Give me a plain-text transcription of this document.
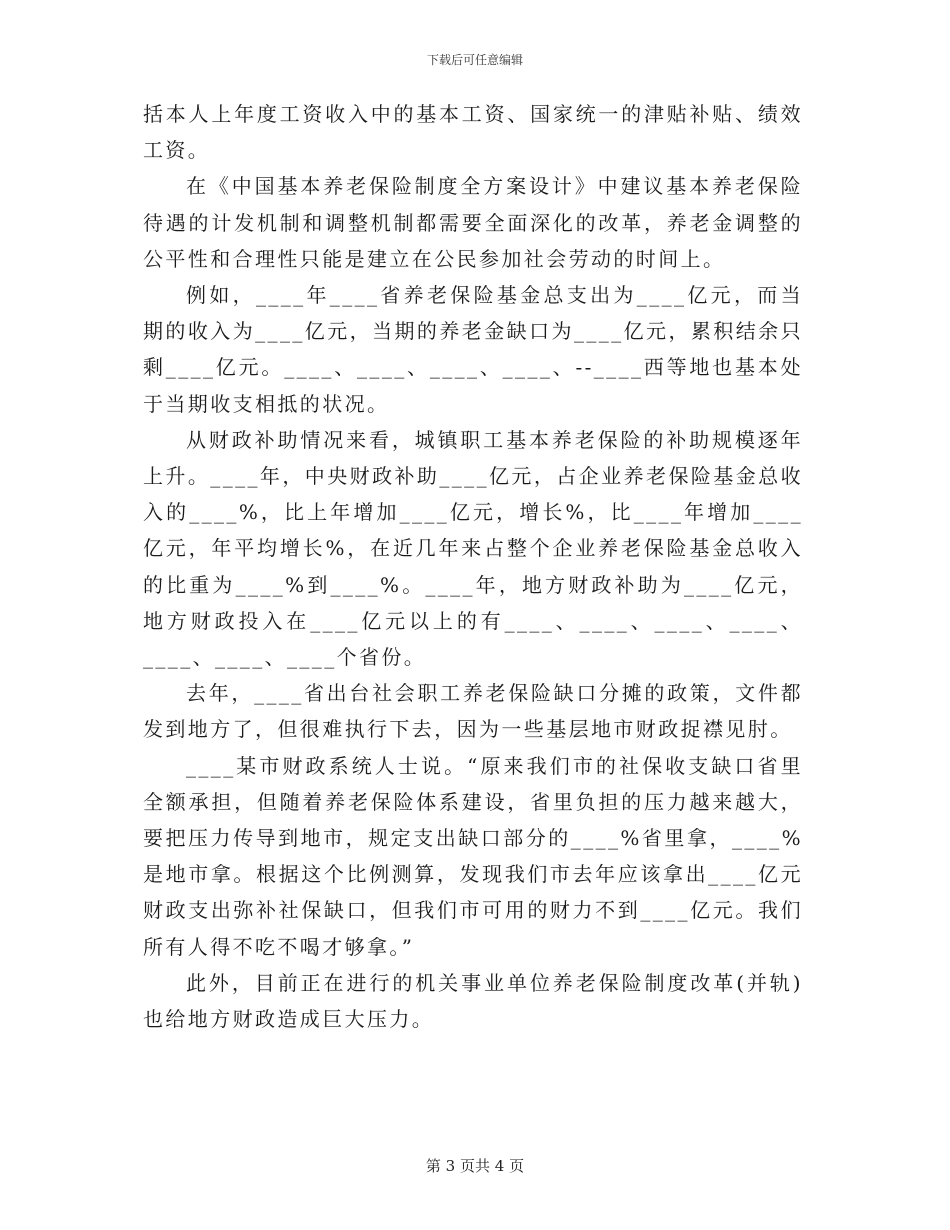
下载后可任意编辑

括本人上年度工资收入中的基本工资、国家统一的津贴补贴、绩效工资。

在《中国基本养老保险制度全方案设计》中建议基本养老保险待遇的计发机制和调整机制都需要全面深化的改革，养老金调整的公平性和合理性只能是建立在公民参加社会劳动的时间上。

例如，____年____省养老保险基金总支出为____亿元，而当期的收入为____亿元，当期的养老金缺口为____亿元，累积结余只剩____亿元。____、____、____、____、--____西等地也基本处于当期收支相抵的状况。

从财政补助情况来看，城镇职工基本养老保险的补助规模逐年上升。____年，中央财政补助____亿元，占企业养老保险基金总收入的____%，比上年增加____亿元，增长%，比____年增加____亿元，年平均增长%，在近几年来占整个企业养老保险基金总收入的比重为____%到____%。____年，地方财政补助为____亿元，地方财政投入在____亿元以上的有____、____、____、____、____、____、____个省份。

去年，____省出台社会职工养老保险缺口分摊的政策，文件都发到地方了，但很难执行下去，因为一些基层地市财政捉襟见肘。

____某市财政系统人士说。“原来我们市的社保收支缺口省里全额承担，但随着养老保险体系建设，省里负担的压力越来越大，要把压力传导到地市，规定支出缺口部分的____%省里拿，____%是地市拿。根据这个比例测算，发现我们市去年应该拿出____亿元财政支出弥补社保缺口，但我们市可用的财力不到____亿元。我们所有人得不吃不喝才够拿。”

此外，目前正在进行的机关事业单位养老保险制度改革(并轨)也给地方财政造成巨大压力。

第 3 页共 4 页
